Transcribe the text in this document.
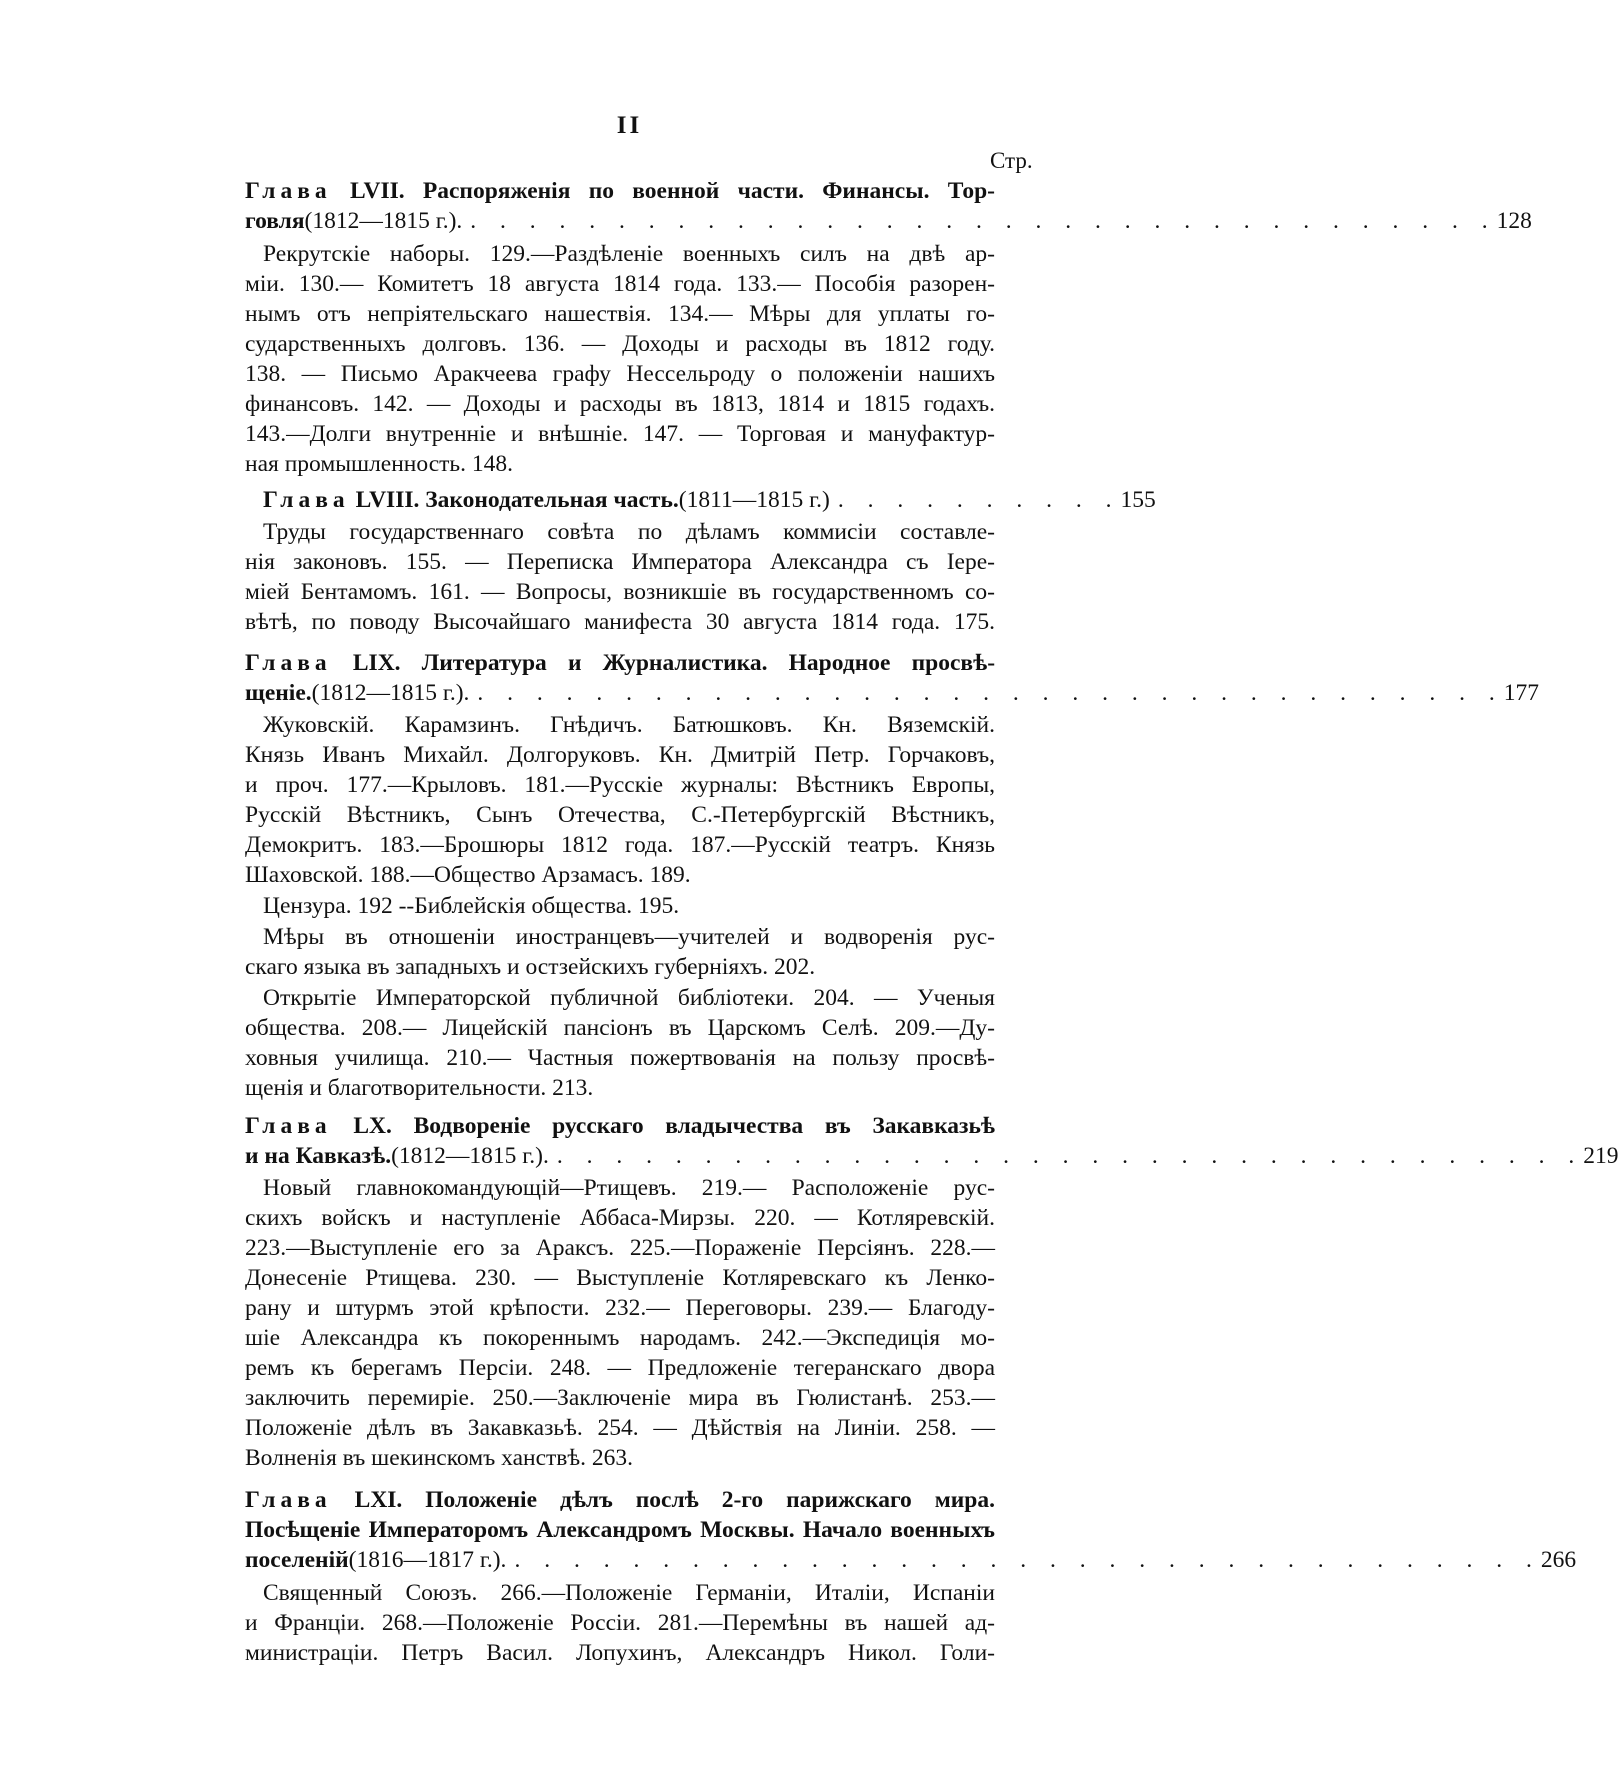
II
Стр.
Глава LVII. Распоряженія по военной части. Финансы. Тор-
говля (1812—1815 г.). . . . . . . . . . . . . . . . . . . . . . . . . . . . . . . . . . . . 128
Рекрутскіе наборы. 129.—Раздѣленіе военныхъ силъ на двѣ ар-
міи. 130.— Комитетъ 18 августа 1814 года. 133.— Пособія разорен-
нымъ отъ непріятельскаго нашествія. 134.— Мѣры для уплаты го-
сударственныхъ долговъ. 136. — Доходы и расходы въ 1812 году.
138. — Письмо Аракчеева графу Нессельроду о положеніи нашихъ
финансовъ. 142. — Доходы и расходы въ 1813, 1814 и 1815 годахъ.
143.—Долги внутренніе и внѣшніе. 147. — Торговая и мануфактур-
ная промышленность. 148.
Глава
LVIII.
Законодательная часть. (1811—1815 г.) . . . . . . . . . . 155
Труды государственнаго совѣта по дѣламъ коммисіи составле-
нія законовъ. 155. — Переписка Императора Александра съ Іере-
міей Бентамомъ. 161. — Вопросы, возникшіе въ государственномъ со-
вѣтѣ, по поводу Высочайшаго манифеста 30 августа 1814 года. 175.
Глава LIX. Литература и Журналистика. Народное просвѣ-
щеніе. (1812—1815 г.). . . . . . . . . . . . . . . . . . . . . . . . . . . . . . . . . . . . 177
Жуковскій. Карамзинъ. Гнѣдичъ. Батюшковъ. Кн. Вяземскій.
Князь Иванъ Михайл. Долгоруковъ. Кн. Дмитрій Петр. Горчаковъ,
и проч. 177.—Крыловъ. 181.—Русскіе журналы: Вѣстникъ Европы,
Русскій Вѣстникъ, Сынъ Отечества, С.-Петербургскій Вѣстникъ,
Демокритъ. 183.—Брошюры 1812 года. 187.—Русскій театръ. Князь
Шаховской. 188.—Общество Арзамасъ. 189.
Цензура. 192 --Библейскія общества. 195.
Мѣры въ отношеніи иностранцевъ—учителей и водворенія рус-
скаго языка въ западныхъ и остзейскихъ губерніяхъ. 202.
Открытіе Императорской публичной библіотеки. 204. — Ученыя
общества. 208.— Лицейскій пансіонъ въ Царскомъ Селѣ. 209.—Ду-
ховныя училища. 210.— Частныя пожертвованія на пользу просвѣ-
щенія и благотворительности. 213.
Глава LX. Водвореніе русскаго владычества въ Закавказьѣ
и на Кавказѣ. (1812—1815 г.). . . . . . . . . . . . . . . . . . . . . . . . . . . . . . . . . . . . 219
Новый главнокомандующій—Ртищевъ. 219.— Расположеніе рус-
скихъ войскъ и наступленіе Аббаса-Мирзы. 220. — Котляревскій.
223.—Выступленіе его за Араксъ. 225.—Пораженіе Персіянъ. 228.—
Донесеніе Ртищева. 230. — Выступленіе Котляревскаго къ Ленко-
рану и штурмъ этой крѣпости. 232.— Переговоры. 239.— Благоду-
шіе Александра къ покореннымъ народамъ. 242.—Экспедиція мо-
ремъ къ берегамъ Персіи. 248. — Предложеніе тегеранскаго двора
заключить перемиріе. 250.—Заключеніе мира въ Гюлистанѣ. 253.—
Положеніе дѣлъ въ Закавказьѣ. 254. — Дѣйствія на Линіи. 258. —
Волненія въ шекинскомъ ханствѣ. 263.
Глава LXI. Положеніе дѣлъ послѣ 2-го парижскаго мира.
Посѣщеніе Императоромъ Александромъ Москвы. Начало военныхъ
поселеній (1816—1817 г.). . . . . . . . . . . . . . . . . . . . . . . . . . . . . . . . . . . . 266
Священный Союзъ. 266.—Положеніе Германіи, Италіи, Испаніи
и Франціи. 268.—Положеніе Россіи. 281.—Перемѣны въ нашей ад-
министраціи. Петръ Васил. Лопухинъ, Александръ Никол. Голи-
